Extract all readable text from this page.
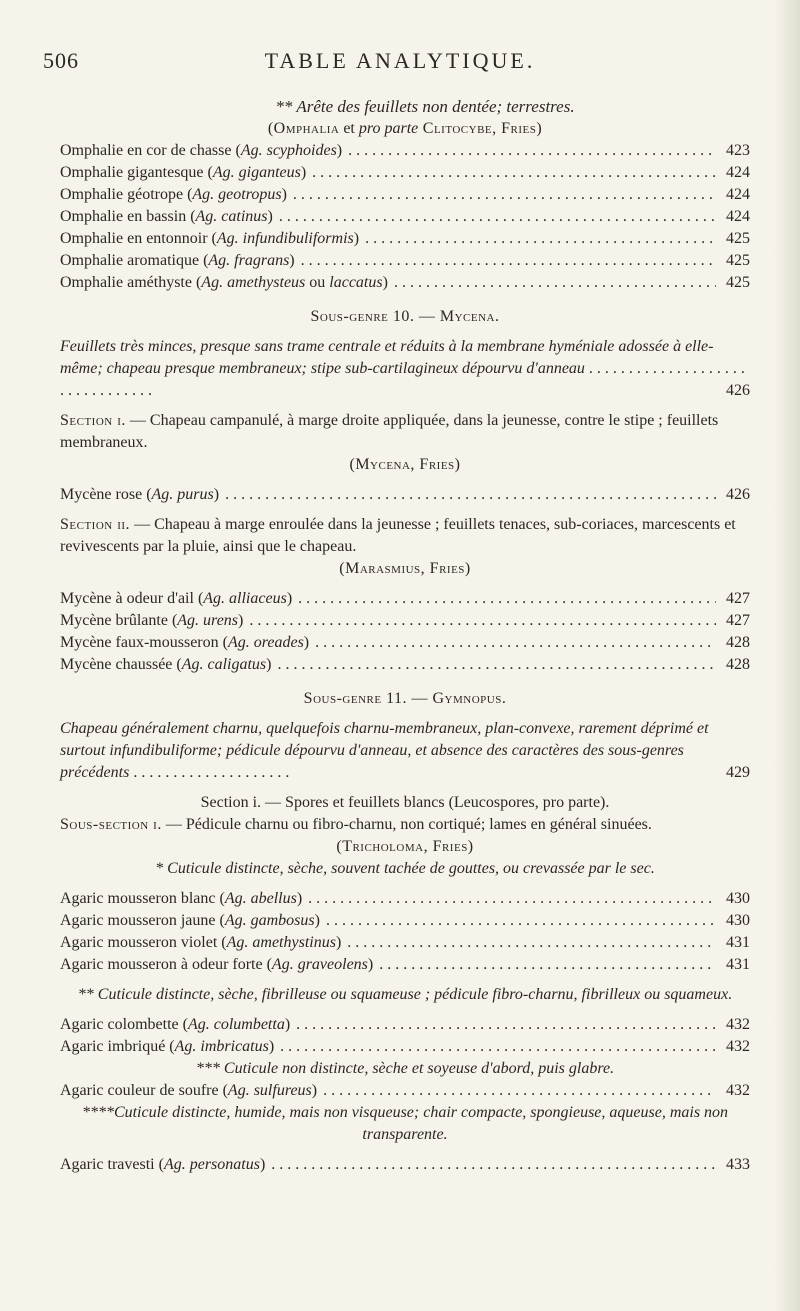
506	TABLE ANALYTIQUE.
** Arête des feuillets non dentée; terrestres.
(Omphalia et pro parte Clitocybe, Fries)
Omphalie en cor de chasse (Ag. scyphoides) . . .	423
Omphalie gigantesque (Ag. giganteus) . . .	424
Omphalie géotrope (Ag. geotropus) . . .	424
Omphalie en bassin (Ag. catinus) . . .	424
Omphalie en entonnoir (Ag. infundibuliformis) . . .	425
Omphalie aromatique (Ag. fragrans) . . .	425
Omphalie améthyste (Ag. amethysteus ou laccatus) . . .	425
Sous-genre 10. — Mycena.
Feuillets très minces, presque sans trame centrale et réduits à la membrane hyméniale adossée à elle-même; chapeau presque membraneux; stipe sub-cartilagineux dépourvu d'anneau . . . . . . . . . . . . . . . . . . . . . . . . . . . . . . . .	426
Section i. — Chapeau campanulé, à marge droite appliquée, dans la jeunesse, contre le stipe ; feuillets membraneux.
(Mycena, Fries)
Mycène rose (Ag. purus) . . .	426
Section ii. — Chapeau à marge enroulée dans la jeunesse ; feuillets tenaces, sub-coriaces, marcescents et revivescents par la pluie, ainsi que le chapeau.
(Marasmius, Fries)
Mycène à odeur d'ail (Ag. alliaceus) . . .	427
Mycène brûlante (Ag. urens) . . .	427
Mycène faux-mousseron (Ag. oreades) . . .	428
Mycène chaussée (Ag. caligatus) . . .	428
Sous-genre 11. — Gymnopus.
Chapeau généralement charnu, quelquefois charnu-membraneux, plan-convexe, rarement déprimé et surtout infundibuliforme; pédicule dépourvu d'anneau, et absence des caractères des sous-genres précédents . . . . . . . . . . . . . . . . . . . .	429
Section i. — Spores et feuillets blancs (Leucospores, pro parte).
Sous-section i. — Pédicule charnu ou fibro-charnu, non cortiqué; lames en général sinuées.
(Tricholoma, Fries)
* Cuticule distincte, sèche, souvent tachée de gouttes, ou crevassée par le sec.
Agaric mousseron blanc (Ag. abellus) . . .	430
Agaric mousseron jaune (Ag. gambosus) . . .	430
Agaric mousseron violet (Ag. amethystinus) . . .	431
Agaric mousseron à odeur forte (Ag. graveolens) . . .	431
** Cuticule distincte, sèche, fibrilleuse ou squameuse ; pédicule fibro-charnu, fibrilleux ou squameux.
Agaric colombette (Ag. columbetta) . . .	432
Agaric imbriqué (Ag. imbricatus) . . .	432
*** Cuticule non distincte, sèche et soyeuse d'abord, puis glabre.
Agaric couleur de soufre (Ag. sulfureus) . . .	432
****Cuticule distincte, humide, mais non visqueuse; chair compacte, spongieuse, aqueuse, mais non transparente.
Agaric travesti (Ag. personatus) . . .	433
